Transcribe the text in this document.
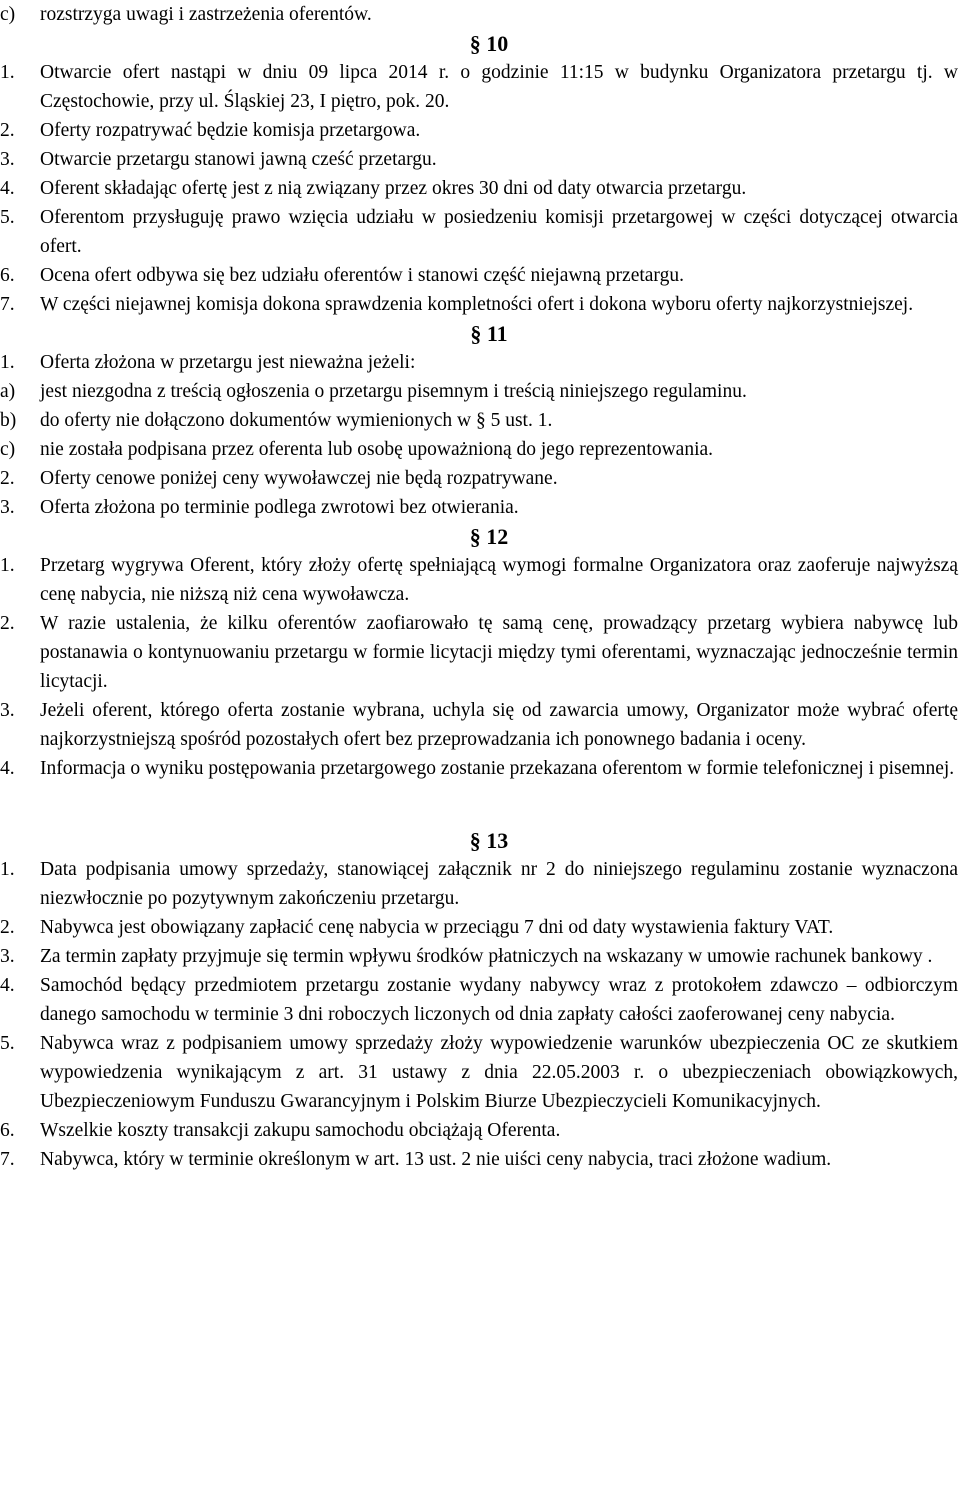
c)	rozstrzyga uwagi i zastrzeżenia oferentów.
§ 10
1.	Otwarcie ofert nastąpi w dniu 09 lipca 2014 r. o godzinie 11:15 w budynku Organizatora przetargu tj. w Częstochowie, przy ul. Śląskiej 23, I piętro, pok. 20.
2.	Oferty rozpatrywać będzie komisja przetargowa.
3.	Otwarcie przetargu stanowi jawną cześć przetargu.
4.	Oferent składając ofertę jest z nią związany przez okres 30 dni od daty otwarcia przetargu.
5.	Oferentom przysługuję prawo wzięcia udziału w posiedzeniu komisji przetargowej w części dotyczącej otwarcia ofert.
6.	Ocena ofert odbywa się bez udziału oferentów i stanowi część niejawną przetargu.
7.	W części niejawnej komisja dokona sprawdzenia kompletności ofert i dokona wyboru oferty najkorzystniejszej.
§ 11
1.	Oferta złożona w przetargu jest nieważna jeżeli:
a)	jest niezgodna z treścią ogłoszenia o przetargu pisemnym i treścią niniejszego regulaminu.
b)	do oferty nie dołączono dokumentów wymienionych w § 5 ust. 1.
c)	nie została podpisana przez oferenta lub osobę upoważnioną do jego reprezentowania.
2.	Oferty cenowe poniżej ceny wywoławczej nie będą rozpatrywane.
3.	Oferta złożona po terminie podlega zwrotowi bez otwierania.
§ 12
1.	Przetarg wygrywa Oferent, który złoży ofertę spełniającą wymogi formalne Organizatora oraz zaoferuje najwyższą cenę nabycia, nie niższą niż cena wywoławcza.
2.	W razie ustalenia, że kilku oferentów zaofiarowało tę samą cenę, prowadzący przetarg wybiera nabywcę lub postanawia o kontynuowaniu przetargu w formie licytacji między tymi oferentami, wyznaczając jednocześnie termin licytacji.
3.	Jeżeli oferent, którego oferta zostanie wybrana, uchyla się od zawarcia umowy, Organizator może wybrać ofertę najkorzystniejszą spośród pozostałych ofert bez przeprowadzania ich ponownego badania i oceny.
4.	Informacja o wyniku postępowania przetargowego zostanie przekazana oferentom w formie telefonicznej i pisemnej.
§ 13
1.	Data podpisania umowy sprzedaży, stanowiącej załącznik nr 2 do niniejszego regulaminu zostanie wyznaczona niezwłocznie po pozytywnym zakończeniu przetargu.
2.	Nabywca jest obowiązany zapłacić cenę nabycia w przeciągu 7 dni od daty wystawienia faktury VAT.
3.	Za termin zapłaty przyjmuje się termin wpływu środków płatniczych na wskazany w umowie rachunek bankowy .
4.	Samochód będący przedmiotem przetargu zostanie wydany nabywcy wraz z protokołem zdawczo – odbiorczym danego samochodu w terminie 3 dni roboczych liczonych od dnia zapłaty całości zaoferowanej ceny nabycia.
5.	Nabywca wraz z podpisaniem umowy sprzedaży złoży wypowiedzenie warunków ubezpieczenia OC ze skutkiem wypowiedzenia wynikającym z art. 31 ustawy z dnia 22.05.2003 r. o ubezpieczeniach obowiązkowych, Ubezpieczeniowym Funduszu Gwarancyjnym i Polskim Biurze Ubezpieczycieli Komunikacyjnych.
6.	Wszelkie koszty transakcji zakupu samochodu obciążają Oferenta.
7.	Nabywca, który w terminie określonym w art. 13 ust. 2 nie uiści ceny nabycia, traci złożone wadium.
